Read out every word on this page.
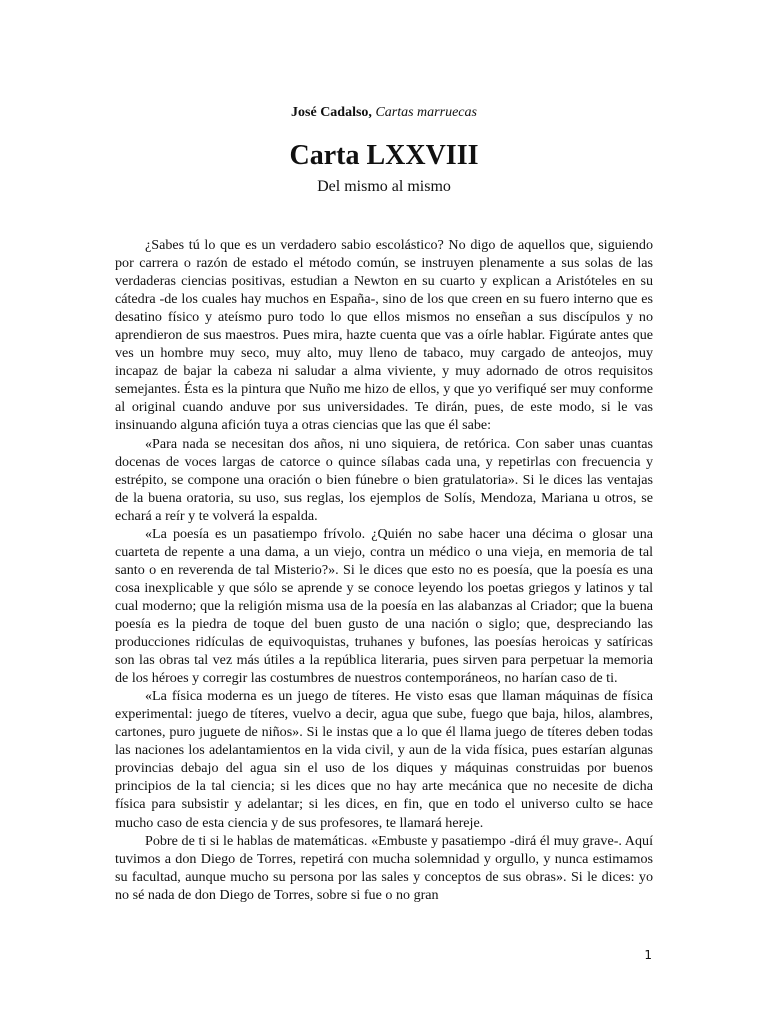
José Cadalso, Cartas marruecas
Carta LXXVIII
Del mismo al mismo

¿Sabes tú lo que es un verdadero sabio escolástico? No digo de aquellos que, siguiendo por carrera o razón de estado el método común, se instruyen plenamente a sus solas de las verdaderas ciencias positivas, estudian a Newton en su cuarto y explican a Aristóteles en su cátedra -de los cuales hay muchos en España-, sino de los que creen en su fuero interno que es desatino físico y ateísmo puro todo lo que ellos mismos no enseñan a sus discípulos y no aprendieron de sus maestros. Pues mira, hazte cuenta que vas a oírle hablar. Figúrate antes que ves un hombre muy seco, muy alto, muy lleno de tabaco, muy cargado de anteojos, muy incapaz de bajar la cabeza ni saludar a alma viviente, y muy adornado de otros requisitos semejantes. Ésta es la pintura que Nuño me hizo de ellos, y que yo verifiqué ser muy conforme al original cuando anduve por sus universidades. Te dirán, pues, de este modo, si le vas insinuando alguna afición tuya a otras ciencias que las que él sabe:

«Para nada se necesitan dos años, ni uno siquiera, de retórica. Con saber unas cuantas docenas de voces largas de catorce o quince sílabas cada una, y repetirlas con frecuencia y estrépito, se compone una oración o bien fúnebre o bien gratulatoria». Si le dices las ventajas de la buena oratoria, su uso, sus reglas, los ejemplos de Solís, Mendoza, Mariana u otros, se echará a reír y te volverá la espalda.

«La poesía es un pasatiempo frívolo. ¿Quién no sabe hacer una décima o glosar una cuarteta de repente a una dama, a un viejo, contra un médico o una vieja, en memoria de tal santo o en reverenda de tal Misterio?». Si le dices que esto no es poesía, que la poesía es una cosa inexplicable y que sólo se aprende y se conoce leyendo los poetas griegos y latinos y tal cual moderno; que la religión misma usa de la poesía en las alabanzas al Criador; que la buena poesía es la piedra de toque del buen gusto de una nación o siglo; que, despreciando las producciones ridículas de equivoquistas, truhanes y bufones, las poesías heroicas y satíricas son las obras tal vez más útiles a la república literaria, pues sirven para perpetuar la memoria de los héroes y corregir las costumbres de nuestros contemporáneos, no harían caso de ti.

«La física moderna es un juego de títeres. He visto esas que llaman máquinas de física experimental: juego de títeres, vuelvo a decir, agua que sube, fuego que baja, hilos, alambres, cartones, puro juguete de niños». Si le instas que a lo que él llama juego de títeres deben todas las naciones los adelantamientos en la vida civil, y aun de la vida física, pues estarían algunas provincias debajo del agua sin el uso de los diques y máquinas construidas por buenos principios de la tal ciencia; si les dices que no hay arte mecánica que no necesite de dicha física para subsistir y adelantar; si les dices, en fin, que en todo el universo culto se hace mucho caso de esta ciencia y de sus profesores, te llamará hereje.

Pobre de ti si le hablas de matemáticas. «Embuste y pasatiempo -dirá él muy grave-. Aquí tuvimos a don Diego de Torres, repetirá con mucha solemnidad y orgullo, y nunca estimamos su facultad, aunque mucho su persona por las sales y conceptos de sus obras». Si le dices: yo no sé nada de don Diego de Torres, sobre si fue o no gran

1
